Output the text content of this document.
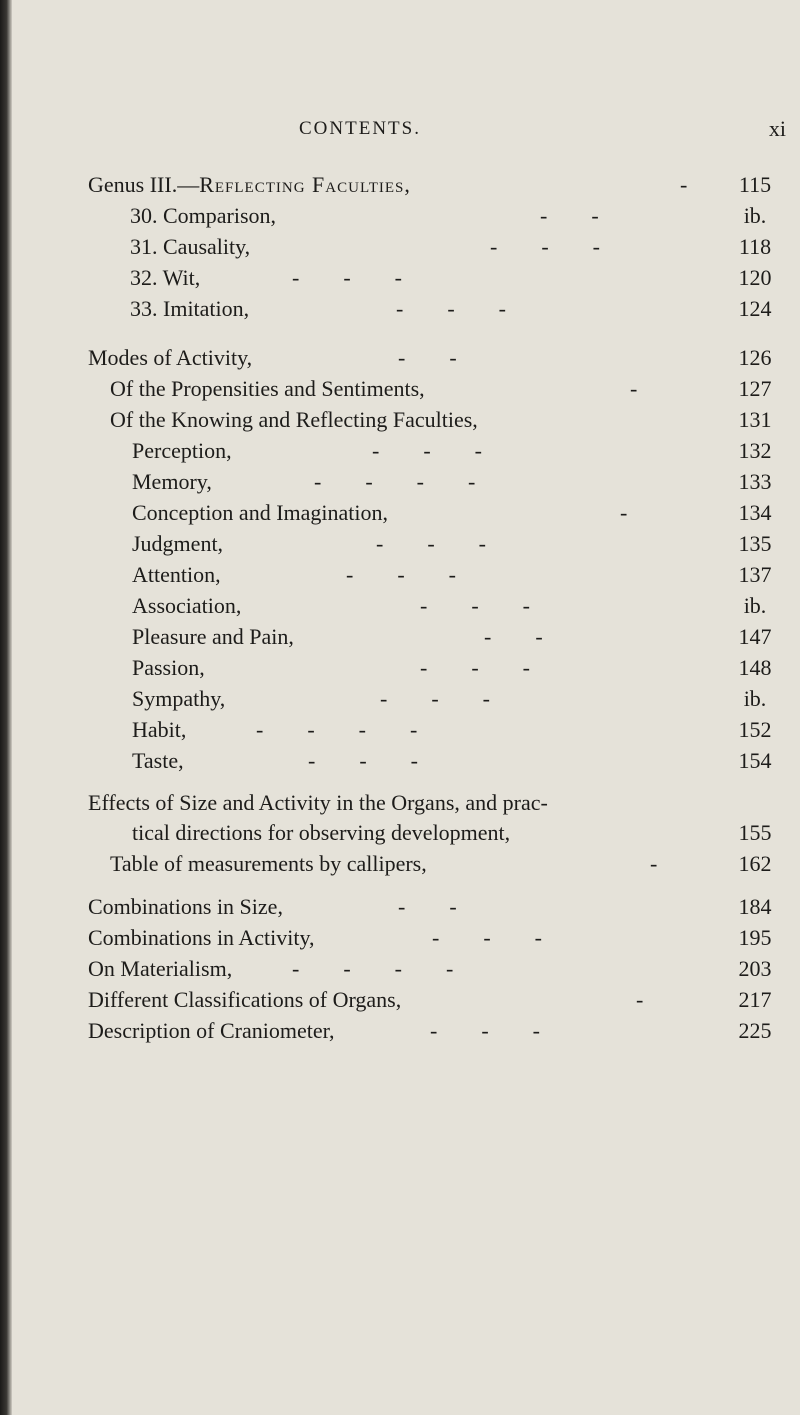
CONTENTS.	xi
Genus III.—Reflecting Faculties,	-	115
30. Comparison,	-        -	ib.
31. Causality,	-        -        -	118
32. Wit,	-        -        -	120
33. Imitation,	-        -        -	124
Modes of Activity,	-        -	126
Of the Propensities and Sentiments,	-	127
Of the Knowing and Reflecting Faculties,	131
Perception,	-        -        -	132
Memory,	-        -        -        -	133
Conception and Imagination,	-	134
Judgment,	-        -        -	135
Attention,	-        -        -	137
Association,	-        -        -	ib.
Pleasure and Pain,	-        -	147
Passion,	-        -        -	148
Sympathy,	-        -        -	ib.
Habit,	-        -        -        -	152
Taste,	-        -        -	154
Effects of Size and Activity in the Organs, and prac-
tical directions for observing development,	155
Table of measurements by callipers,	-	162
Combinations in Size,	-        -	184
Combinations in Activity,	-        -        -	195
On Materialism,	-        -        -        -	203
Different Classifications of Organs,	-	217
Description of Craniometer,	-        -        -	225
